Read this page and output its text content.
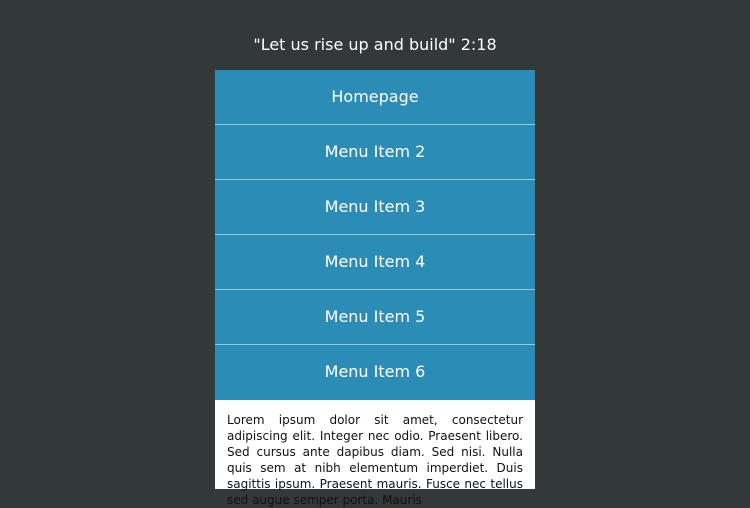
"Let us rise up and build" 2:18
Homepage
Menu Item 2
Menu Item 3
Menu Item 4
Menu Item 5
Menu Item 6

Lorem ipsum dolor sit amet, consectetur adipiscing elit. Integer nec odio. Praesent libero. Sed cursus ante dapibus diam. Sed nisi. Nulla quis sem at nibh elementum imperdiet. Duis sagittis ipsum. Praesent mauris. Fusce nec tellus sed augue semper porta. Mauris
